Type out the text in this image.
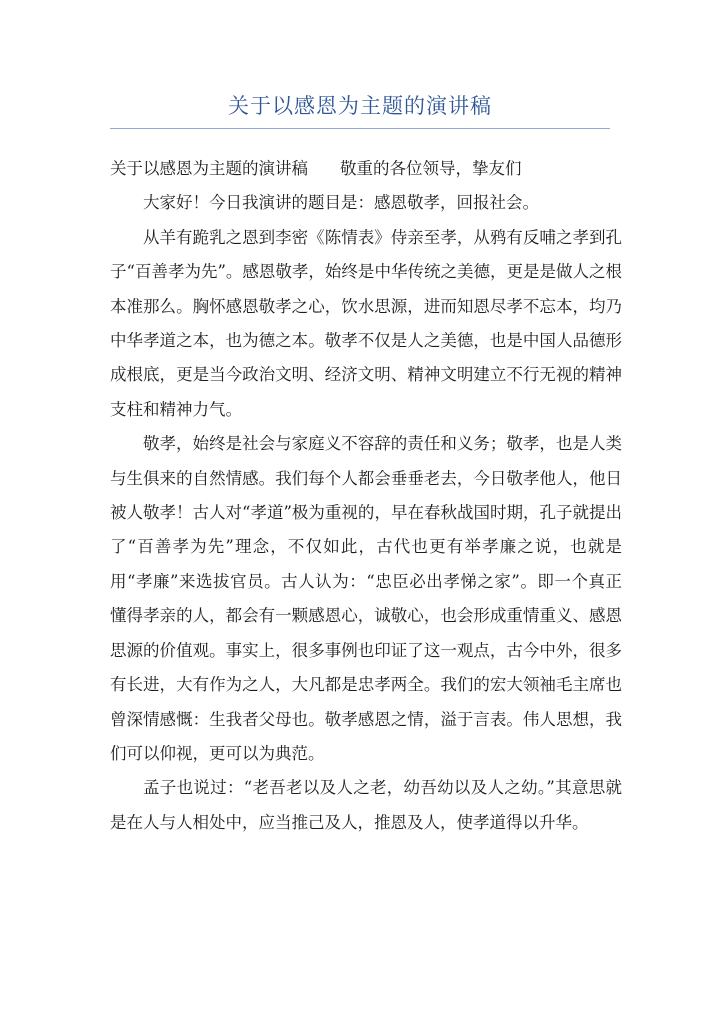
关于以感恩为主题的演讲稿

关于以感恩为主题的演讲稿 敬重的各位领导，挚友们

大家好！今日我演讲的题目是：感恩敬孝，回报社会。

从羊有跪乳之恩到李密《陈情表》侍亲至孝，从鸦有反哺之孝到孔子“百善孝为先”。感恩敬孝，始终是中华传统之美德，更是是做人之根本准那么。胸怀感恩敬孝之心，饮水思源，进而知恩尽孝不忘本，均乃中华孝道之本，也为德之本。敬孝不仅是人之美德，也是中国人品德形成根底，更是当今政治文明、经济文明、精神文明建立不行无视的精神支柱和精神力气。

敬孝，始终是社会与家庭义不容辞的责任和义务；敬孝，也是人类与生俱来的自然情感。我们每个人都会垂垂老去，今日敬孝他人，他日被人敬孝！古人对“孝道”极为重视的，早在春秋战国时期，孔子就提出了“百善孝为先”理念，不仅如此，古代也更有举孝廉之说，也就是用“孝廉”来选拔官员。古人认为：“忠臣必出孝悌之家”。即一个真正懂得孝亲的人，都会有一颗感恩心，诚敬心，也会形成重情重义、感恩思源的价值观。事实上，很多事例也印证了这一观点，古今中外，很多有长进，大有作为之人，大凡都是忠孝两全。我们的宏大领袖毛主席也曾深情感慨：生我者父母也。敬孝感恩之情，溢于言表。伟人思想，我们可以仰视，更可以为典范。

孟子也说过：“老吾老以及人之老，幼吾幼以及人之幼。”其意思就是在人与人相处中，应当推己及人，推恩及人，使孝道得以升华。
